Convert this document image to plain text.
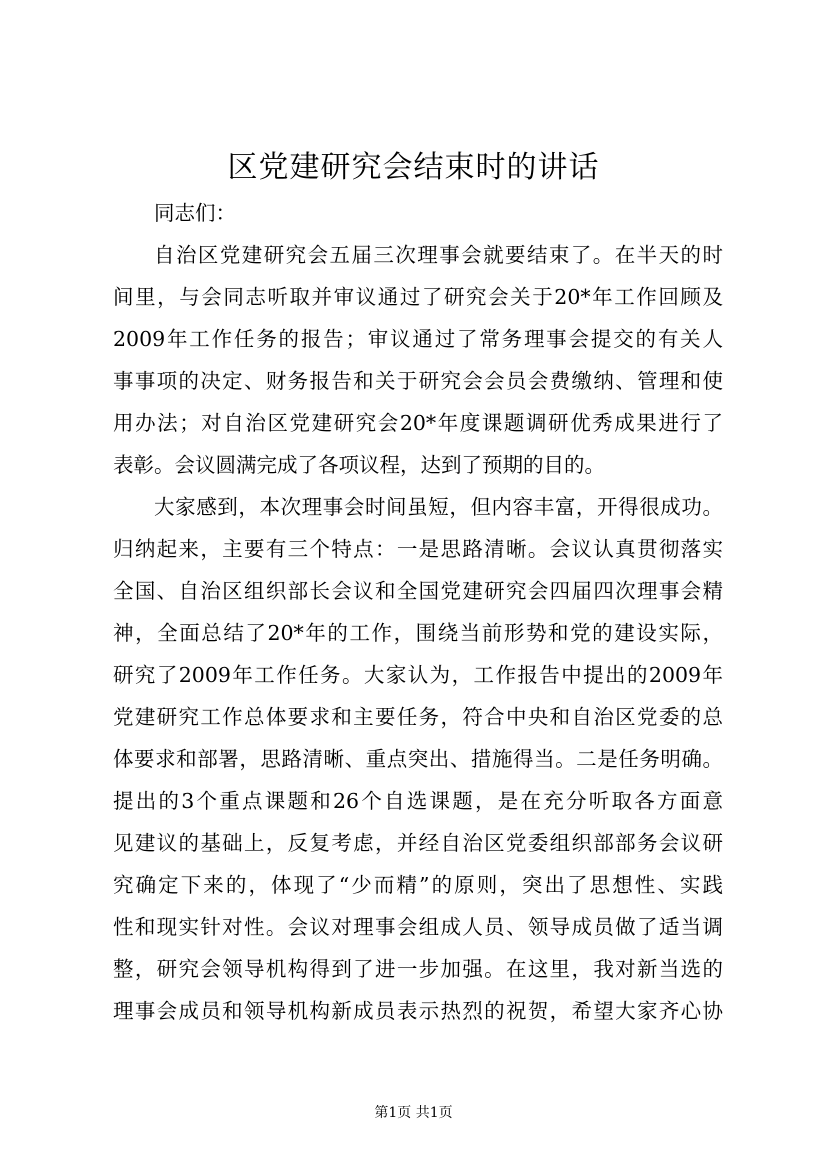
区党建研究会结束时的讲话
同志们：
自治区党建研究会五届三次理事会就要结束了。在半天的时
间里，与会同志听取并审议通过了研究会关于20*年工作回顾及
2009年工作任务的报告；审议通过了常务理事会提交的有关人
事事项的决定、财务报告和关于研究会会员会费缴纳、管理和使
用办法；对自治区党建研究会20*年度课题调研优秀成果进行了
表彰。会议圆满完成了各项议程，达到了预期的目的。
大家感到，本次理事会时间虽短，但内容丰富，开得很成功。
归纳起来，主要有三个特点：一是思路清晰。会议认真贯彻落实
全国、自治区组织部长会议和全国党建研究会四届四次理事会精
神，全面总结了20*年的工作，围绕当前形势和党的建设实际，
研究了2009年工作任务。大家认为，工作报告中提出的2009年
党建研究工作总体要求和主要任务，符合中央和自治区党委的总
体要求和部署，思路清晰、重点突出、措施得当。二是任务明确。
提出的3个重点课题和26个自选课题，是在充分听取各方面意
见建议的基础上，反复考虑，并经自治区党委组织部部务会议研
究确定下来的，体现了“少而精”的原则，突出了思想性、实践
性和现实针对性。会议对理事会组成人员、领导成员做了适当调
整，研究会领导机构得到了进一步加强。在这里，我对新当选的
理事会成员和领导机构新成员表示热烈的祝贺，希望大家齐心协
第1页 共1页
